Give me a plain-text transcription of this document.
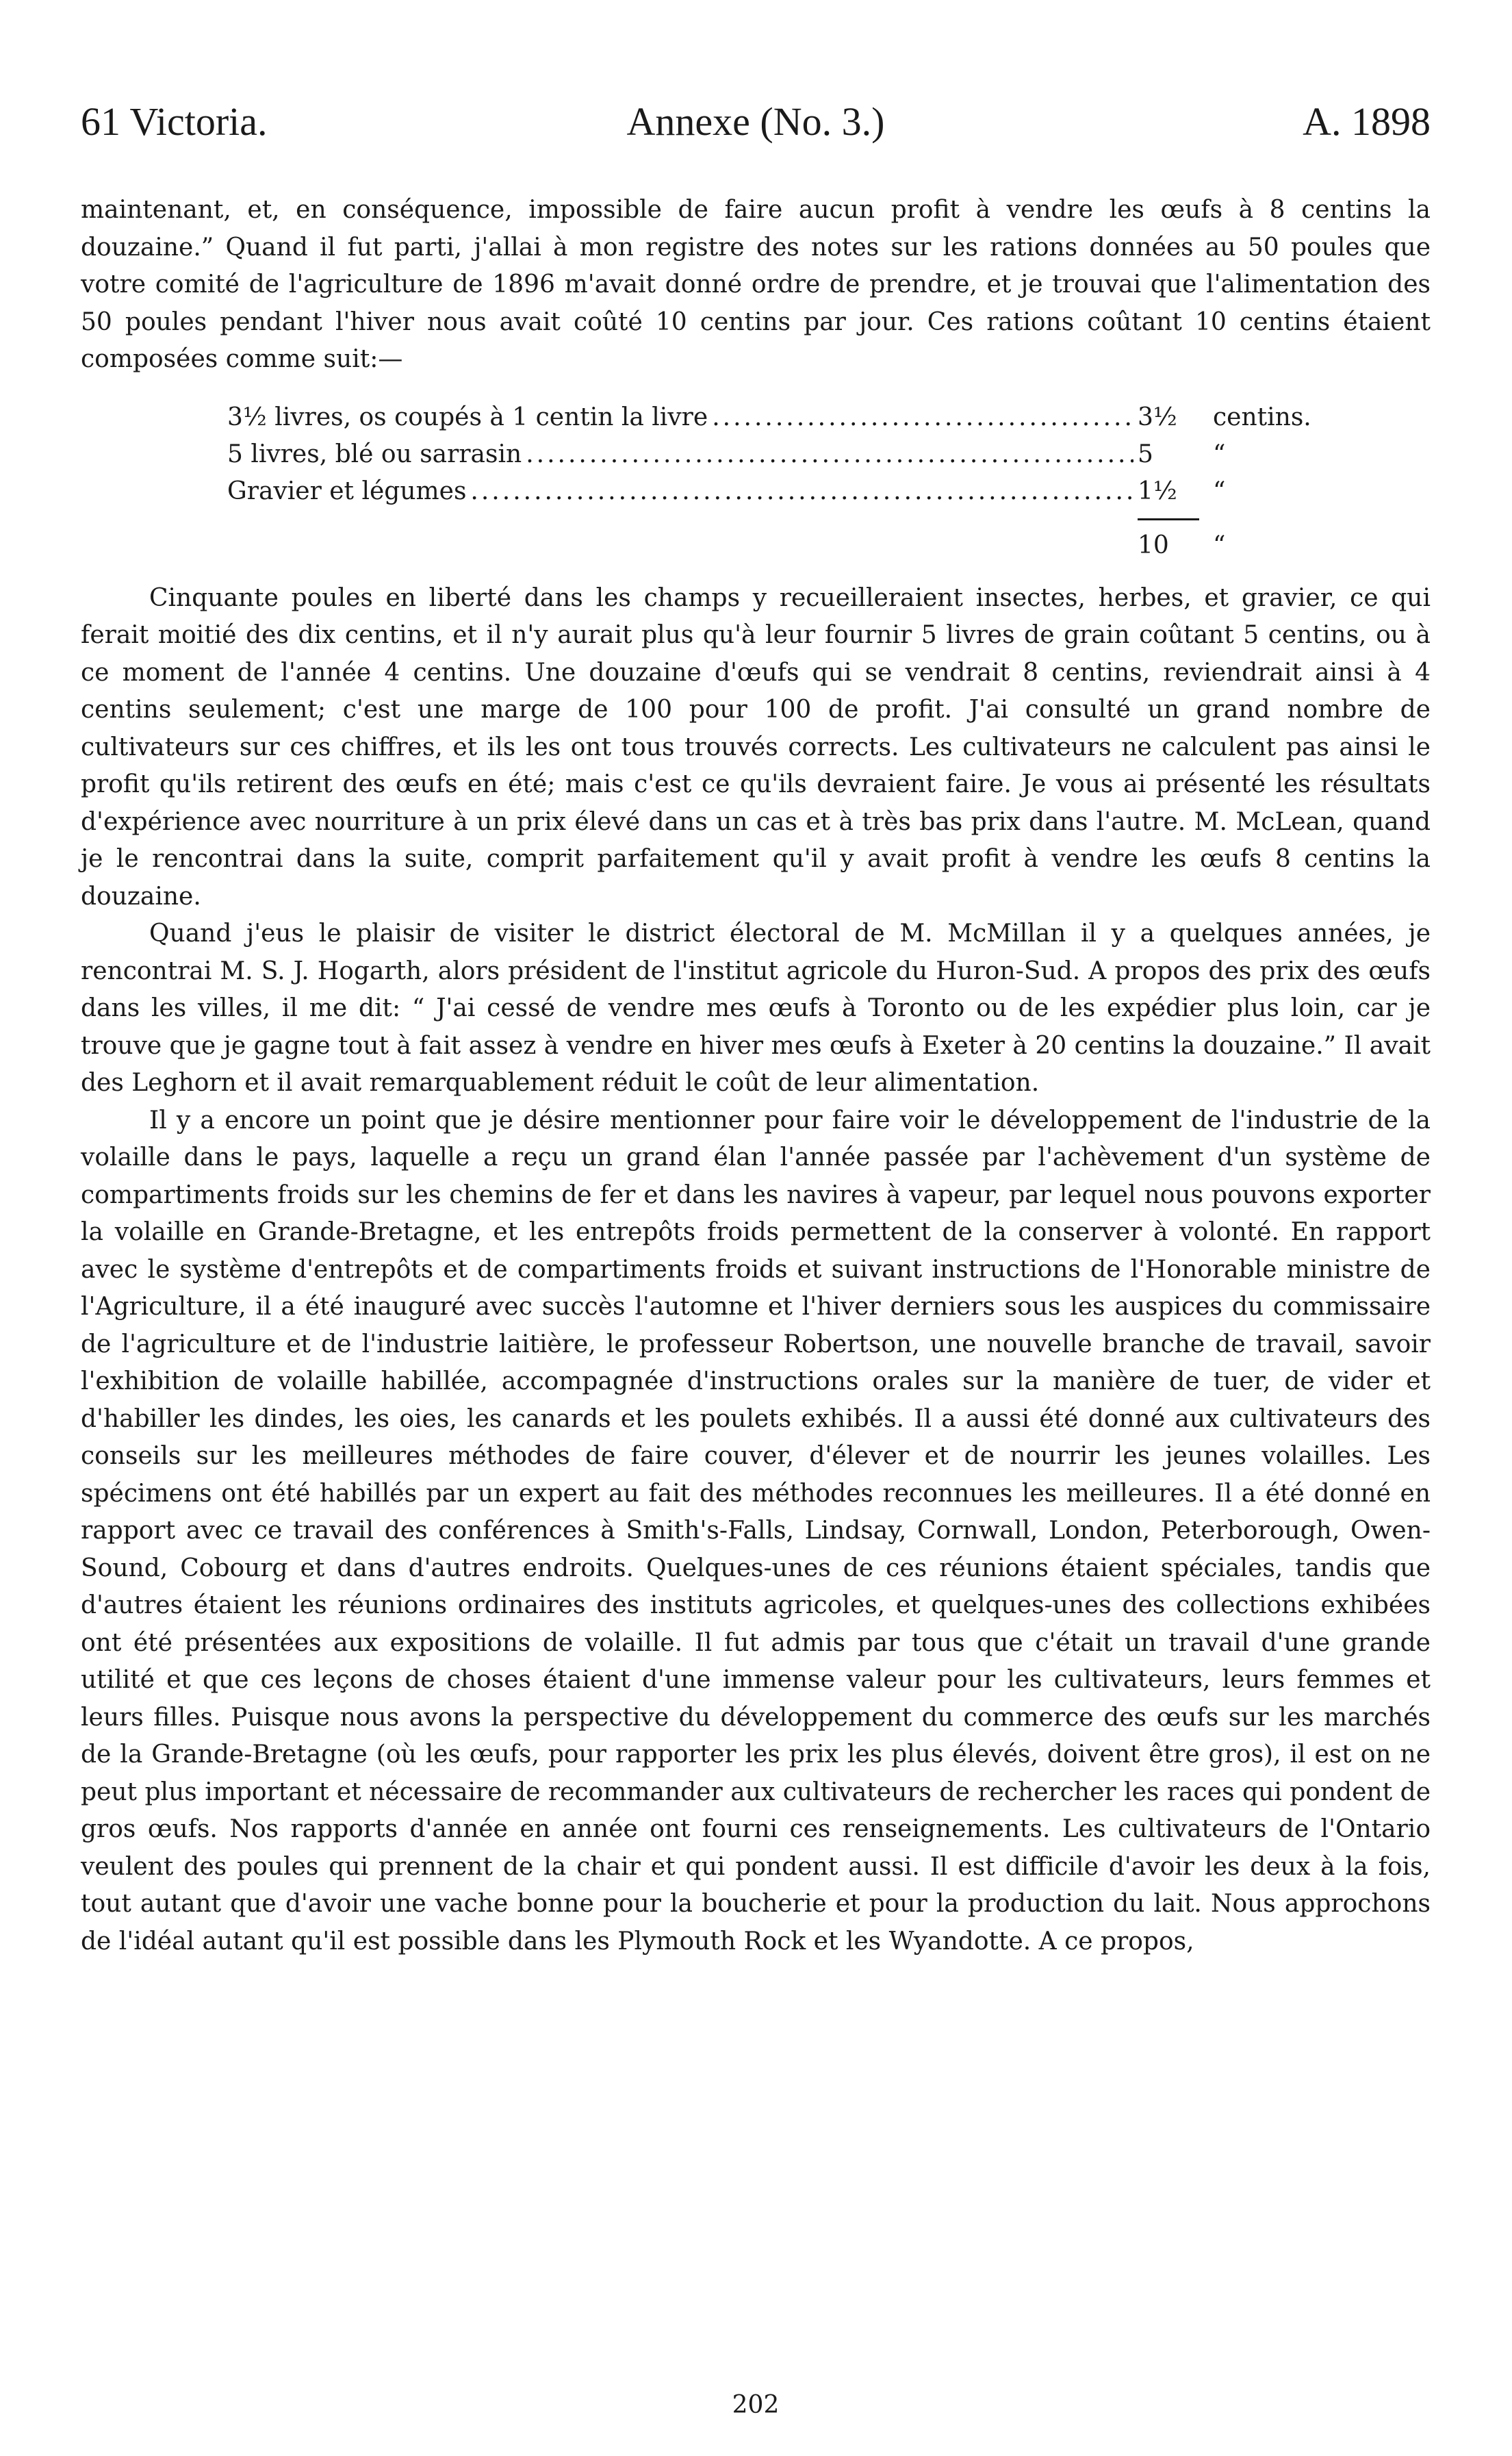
61 Victoria.	Annexe (No. 3.)	A. 1898

maintenant, et, en conséquence, impossible de faire aucun profit à vendre les œufs à 8 centins la douzaine.” Quand il fut parti, j'allai à mon registre des notes sur les rations données au 50 poules que votre comité de l'agriculture de 1896 m'avait donné ordre de prendre, et je trouvai que l'alimentation des 50 poules pendant l'hiver nous avait coûté 10 centins par jour. Ces rations coûtant 10 centins étaient composées comme suit:—

3½ livres, os coupés à 1 centin la livre .....	3½	centins.
5 livres, blé ou sarrasin .....	5	“
Gravier et légumes .....	1½	“
10	“

Cinquante poules en liberté dans les champs y recueilleraient insectes, herbes, et gravier, ce qui ferait moitié des dix centins, et il n'y aurait plus qu'à leur fournir 5 livres de grain coûtant 5 centins, ou à ce moment de l'année 4 centins. Une douzaine d'œufs qui se vendrait 8 centins, reviendrait ainsi à 4 centins seulement; c'est une marge de 100 pour 100 de profit. J'ai consulté un grand nombre de cultivateurs sur ces chiffres, et ils les ont tous trouvés corrects. Les cultivateurs ne calculent pas ainsi le profit qu'ils retirent des œufs en été; mais c'est ce qu'ils devraient faire. Je vous ai présenté les résultats d'expérience avec nourriture à un prix élevé dans un cas et à très bas prix dans l'autre. M. McLean, quand je le rencontrai dans la suite, comprit parfaitement qu'il y avait profit à vendre les œufs 8 centins la douzaine.

Quand j'eus le plaisir de visiter le district électoral de M. McMillan il y a quelques années, je rencontrai M. S. J. Hogarth, alors président de l'institut agricole du Huron-Sud. A propos des prix des œufs dans les villes, il me dit: “ J'ai cessé de vendre mes œufs à Toronto ou de les expédier plus loin, car je trouve que je gagne tout à fait assez à vendre en hiver mes œufs à Exeter à 20 centins la douzaine.” Il avait des Leghorn et il avait remarquablement réduit le coût de leur alimentation.

Il y a encore un point que je désire mentionner pour faire voir le développement de l'industrie de la volaille dans le pays, laquelle a reçu un grand élan l'année passée par l'achèvement d'un système de compartiments froids sur les chemins de fer et dans les navires à vapeur, par lequel nous pouvons exporter la volaille en Grande-Bretagne, et les entrepôts froids permettent de la conserver à volonté. En rapport avec le système d'entrepôts et de compartiments froids et suivant instructions de l'Honorable ministre de l'Agriculture, il a été inauguré avec succès l'automne et l'hiver derniers sous les auspices du commissaire de l'agriculture et de l'industrie laitière, le professeur Robertson, une nouvelle branche de travail, savoir l'exhibition de volaille habillée, accompagnée d'instructions orales sur la manière de tuer, de vider et d'habiller les dindes, les oies, les canards et les poulets exhibés. Il a aussi été donné aux cultivateurs des conseils sur les meilleures méthodes de faire couver, d'élever et de nourrir les jeunes volailles. Les spécimens ont été habillés par un expert au fait des méthodes reconnues les meilleures. Il a été donné en rapport avec ce travail des conférences à Smith's-Falls, Lindsay, Cornwall, London, Peterborough, Owen-Sound, Cobourg et dans d'autres endroits. Quelques-unes de ces réunions étaient spéciales, tandis que d'autres étaient les réunions ordinaires des instituts agricoles, et quelques-unes des collections exhibées ont été présentées aux expositions de volaille. Il fut admis par tous que c'était un travail d'une grande utilité et que ces leçons de choses étaient d'une immense valeur pour les cultivateurs, leurs femmes et leurs filles. Puisque nous avons la perspective du développement du commerce des œufs sur les marchés de la Grande-Bretagne (où les œufs, pour rapporter les prix les plus élevés, doivent être gros), il est on ne peut plus important et nécessaire de recommander aux cultivateurs de rechercher les races qui pondent de gros œufs. Nos rapports d'année en année ont fourni ces renseignements. Les cultivateurs de l'Ontario veulent des poules qui prennent de la chair et qui pondent aussi. Il est difficile d'avoir les deux à la fois, tout autant que d'avoir une vache bonne pour la boucherie et pour la production du lait. Nous approchons de l'idéal autant qu'il est possible dans les Plymouth Rock et les Wyandotte. A ce propos,

202
